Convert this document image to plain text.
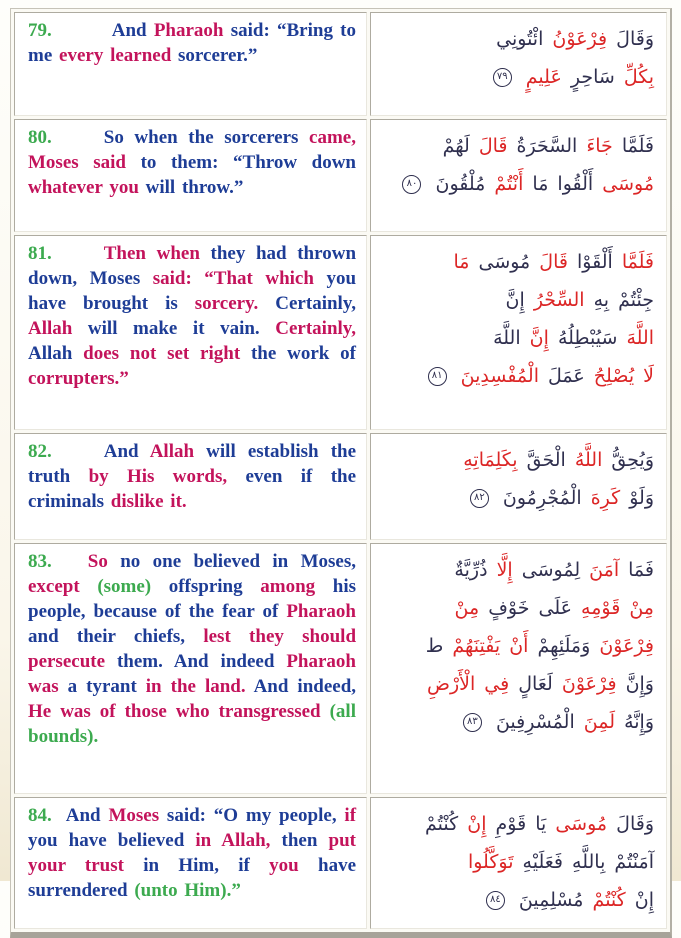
79. And Pharaoh said: “Bring to me every learned sorcerer.”	وَقَالَ فِرْعَوْنُ ائْتُونِي
بِكُلِّ سَاحِرٍ عَلِيمٍ ٧٩

80. So when the sorcerers came, Moses said to them: “Throw down whatever you will throw.”	فَلَمَّا جَاءَ السَّحَرَةُ قَالَ لَهُمْ
مُوسَى أَلْقُوا مَا أَنْتُمْ مُلْقُونَ ٨٠

81. Then when they had thrown down, Moses said: “That which you have brought is sorcery. Certainly, Allah will make it vain. Certainly, Allah does not set right the work of corrupters.”	فَلَمَّا أَلْقَوْا قَالَ مُوسَى مَا
جِئْتُمْ بِهِ السِّحْرُ إِنَّ
اللَّهَ سَيُبْطِلُهُ إِنَّ اللَّهَ
لَا يُصْلِحُ عَمَلَ الْمُفْسِدِينَ ٨١

82. And Allah will establish the truth by His words, even if the criminals dislike it.	وَيُحِقُّ اللَّهُ الْحَقَّ بِكَلِمَاتِهِ
وَلَوْ كَرِهَ الْمُجْرِمُونَ ٨٢

83. So no one believed in Moses, except (some) offspring among his people, because of the fear of Pharaoh and their chiefs, lest they should persecute them. And indeed Pharaoh was a tyrant in the land. And indeed, He was of those who transgressed (all bounds).

فَمَا آمَنَ لِمُوسَى إِلَّا ذُرِّيَّةٌ
مِنْ قَوْمِهِ عَلَى خَوْفٍ مِنْ
فِرْعَوْنَ وَمَلَئِهِمْ أَنْ يَفْتِنَهُمْ ط
وَإِنَّ فِرْعَوْنَ لَعَالٍ فِي الْأَرْضِ
وَإِنَّهُ لَمِنَ الْمُسْرِفِينَ ٨٣

84. And Moses said: “O my people, if you have believed in Allah, then put your trust in Him, if you have surrendered (unto Him).”	وَقَالَ مُوسَى يَا قَوْمِ إِنْ كُنْتُمْ
آمَنْتُمْ بِاللَّهِ فَعَلَيْهِ تَوَكَّلُوا
إِنْ كُنْتُمْ مُسْلِمِينَ ٨٤
